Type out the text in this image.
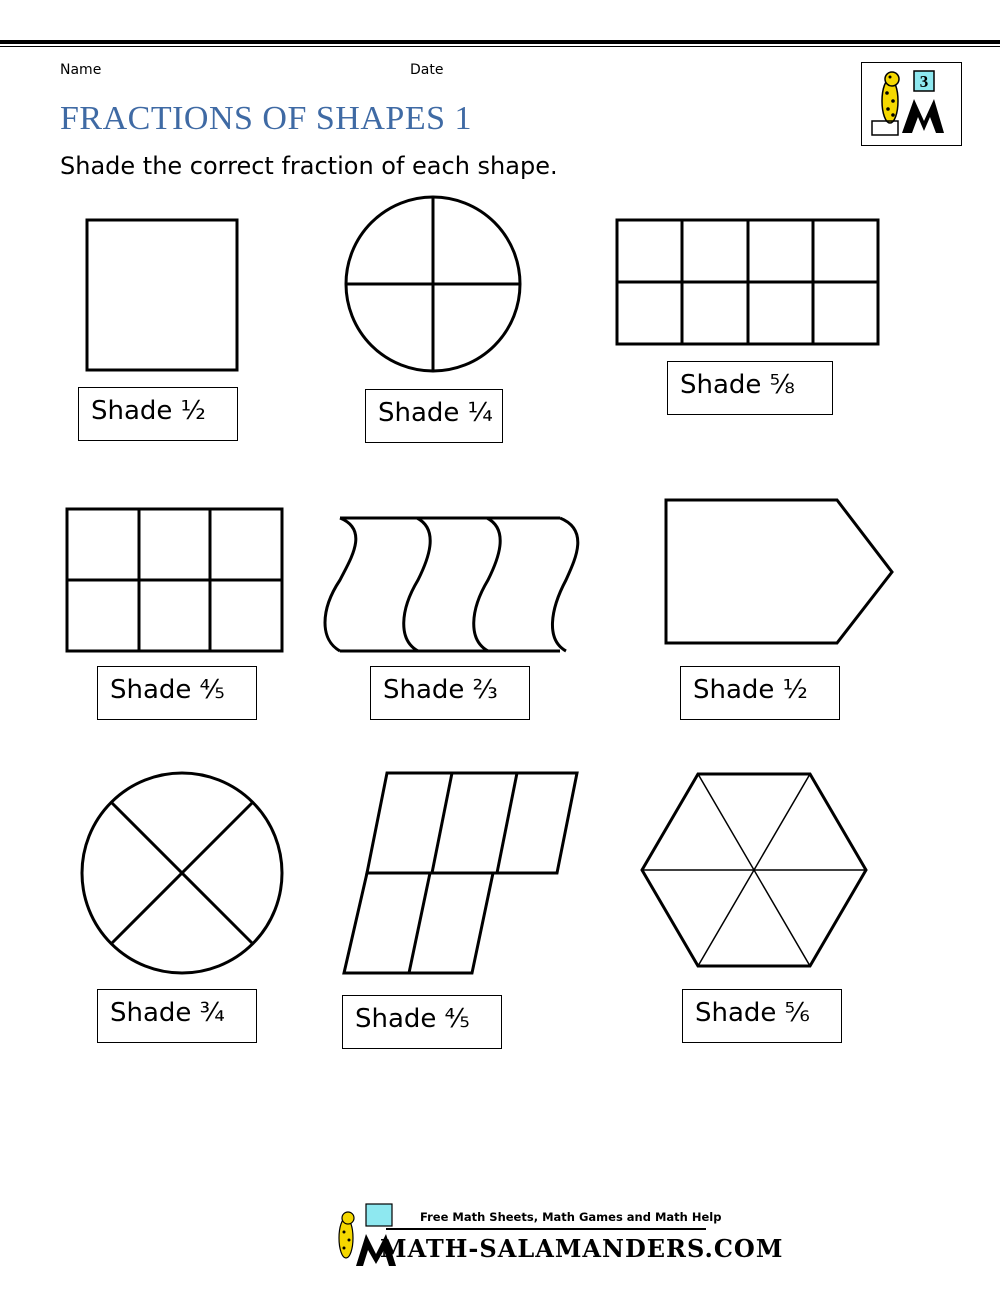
Name	Date
FRACTIONS OF SHAPES 1
Shade the correct fraction of each shape.
3
Shade ½	Shade ¼
Shade ⅝
Shade ⅘	Shade ⅔	Shade ½
Shade ¾	Shade ⅘	Shade ⅚
Free Math Sheets, Math Games and Math Help
MATH-SALAMANDERS.COM
